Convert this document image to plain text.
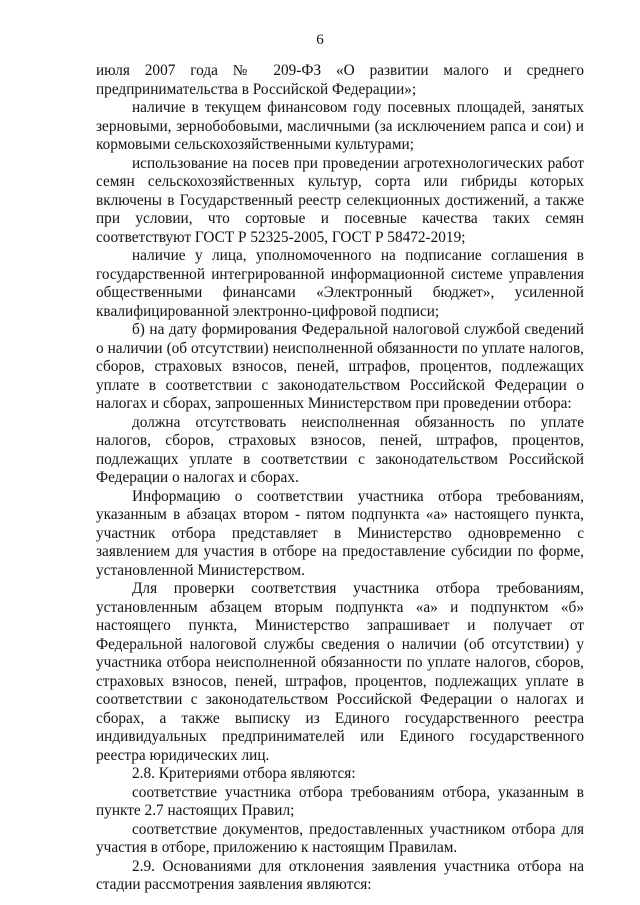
6

июля 2007 года № 209-ФЗ «О развитии малого и среднего предпринимательства в Российской Федерации»;

наличие в текущем финансовом году посевных площадей, занятых зерновыми, зернобобовыми, масличными (за исключением рапса и сои) и кормовыми сельскохозяйственными культурами;

использование на посев при проведении агротехнологических работ семян сельскохозяйственных культур, сорта или гибриды которых включены в Государственный реестр селекционных достижений, а также при условии, что сортовые и посевные качества таких семян соответствуют ГОСТ Р 52325-2005, ГОСТ Р 58472-2019;

наличие у лица, уполномоченного на подписание соглашения в государственной интегрированной информационной системе управления общественными финансами «Электронный бюджет», усиленной квалифицированной электронно-цифровой подписи;

б) на дату формирования Федеральной налоговой службой сведений о наличии (об отсутствии) неисполненной обязанности по уплате налогов, сборов, страховых взносов, пеней, штрафов, процентов, подлежащих уплате в соответствии с законодательством Российской Федерации о налогах и сборах, запрошенных Министерством при проведении отбора:

должна отсутствовать неисполненная обязанность по уплате налогов, сборов, страховых взносов, пеней, штрафов, процентов, подлежащих уплате в соответствии с законодательством Российской Федерации о налогах и сборах.

Информацию о соответствии участника отбора требованиям, указанным в абзацах втором - пятом подпункта «а» настоящего пункта, участник отбора представляет в Министерство одновременно с заявлением для участия в отборе на предоставление субсидии по форме, установленной Министерством.

Для проверки соответствия участника отбора требованиям, установленным абзацем вторым подпункта «а» и подпунктом «б» настоящего пункта, Министерство запрашивает и получает от Федеральной налоговой службы сведения о наличии (об отсутствии) у участника отбора неисполненной обязанности по уплате налогов, сборов, страховых взносов, пеней, штрафов, процентов, подлежащих уплате в соответствии с законодательством Российской Федерации о налогах и сборах, а также выписку из Единого государственного реестра индивидуальных предпринимателей или Единого государственного реестра юридических лиц.

2.8. Критериями отбора являются:

соответствие участника отбора требованиям отбора, указанным в пункте 2.7 настоящих Правил;

соответствие документов, предоставленных участником отбора для участия в отборе, приложению к настоящим Правилам.

2.9. Основаниями для отклонения заявления участника отбора на стадии рассмотрения заявления являются:
